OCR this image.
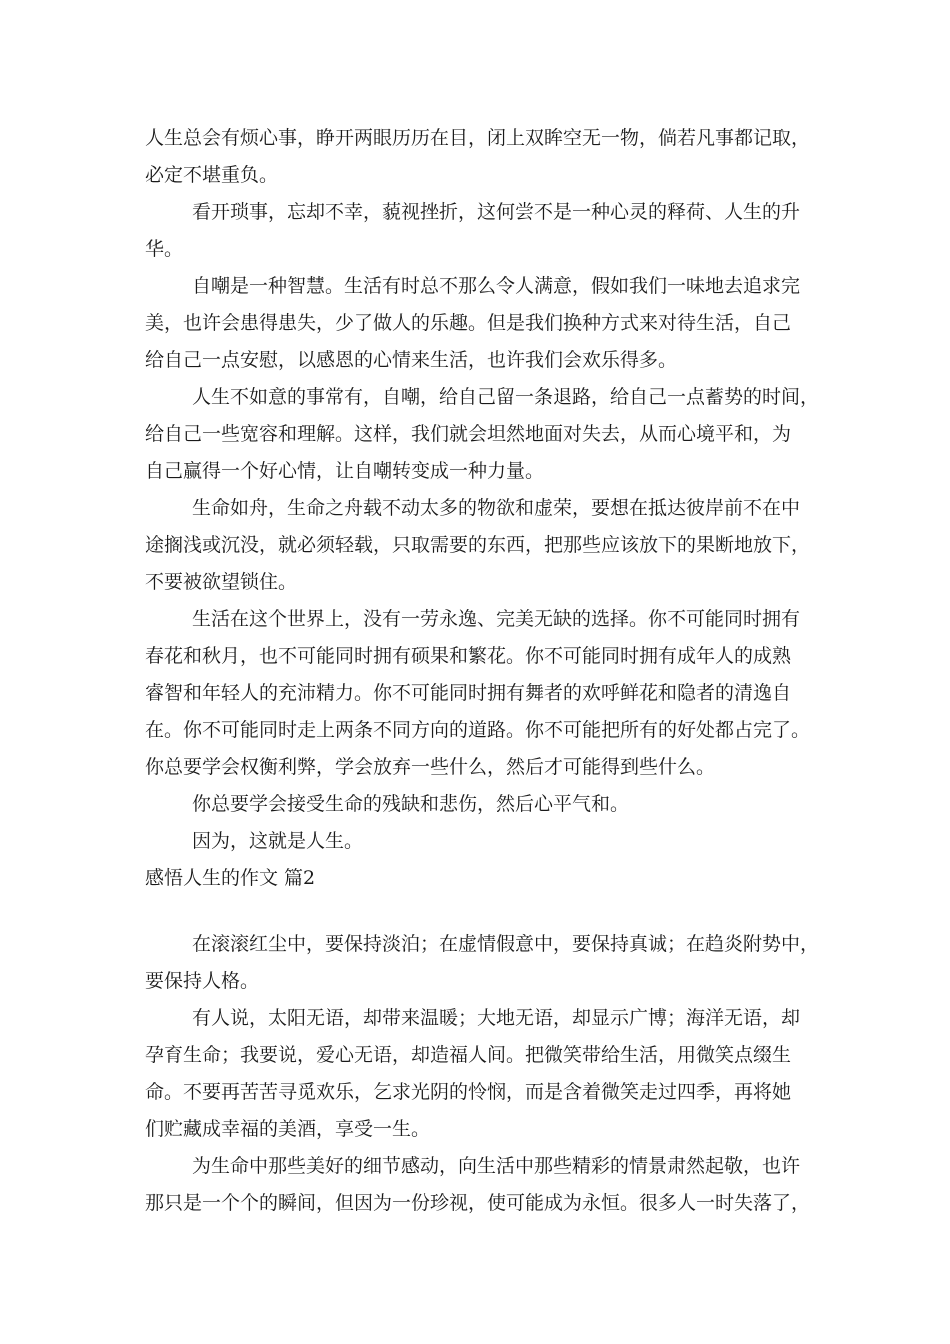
人生总会有烦心事，睁开两眼历历在目，闭上双眸空无一物，倘若凡事都记取，
必定不堪重负。
看开琐事，忘却不幸，藐视挫折，这何尝不是一种心灵的释荷、人生的升
华。
自嘲是一种智慧。生活有时总不那么令人满意，假如我们一味地去追求完
美，也许会患得患失，少了做人的乐趣。但是我们换种方式来对待生活，自己
给自己一点安慰，以感恩的心情来生活，也许我们会欢乐得多。
人生不如意的事常有，自嘲，给自己留一条退路，给自己一点蓄势的时间，
给自己一些宽容和理解。这样，我们就会坦然地面对失去，从而心境平和，为
自己赢得一个好心情，让自嘲转变成一种力量。
生命如舟，生命之舟载不动太多的物欲和虚荣，要想在抵达彼岸前不在中
途搁浅或沉没，就必须轻载，只取需要的东西，把那些应该放下的果断地放下，
不要被欲望锁住。
生活在这个世界上，没有一劳永逸、完美无缺的选择。你不可能同时拥有
春花和秋月，也不可能同时拥有硕果和繁花。你不可能同时拥有成年人的成熟
睿智和年轻人的充沛精力。你不可能同时拥有舞者的欢呼鲜花和隐者的清逸自
在。你不可能同时走上两条不同方向的道路。你不可能把所有的好处都占完了。
你总要学会权衡利弊，学会放弃一些什么，然后才可能得到些什么。
你总要学会接受生命的残缺和悲伤，然后心平气和。
因为，这就是人生。
感悟人生的作文 篇2
在滚滚红尘中，要保持淡泊；在虚情假意中，要保持真诚；在趋炎附势中，
要保持人格。
有人说，太阳无语，却带来温暖；大地无语，却显示广博；海洋无语，却
孕育生命；我要说，爱心无语，却造福人间。把微笑带给生活，用微笑点缀生
命。不要再苦苦寻觅欢乐，乞求光阴的怜悯，而是含着微笑走过四季，再将她
们贮藏成幸福的美酒，享受一生。
为生命中那些美好的细节感动，向生活中那些精彩的情景肃然起敬，也许
那只是一个个的瞬间，但因为一份珍视，使可能成为永恒。很多人一时失落了，
